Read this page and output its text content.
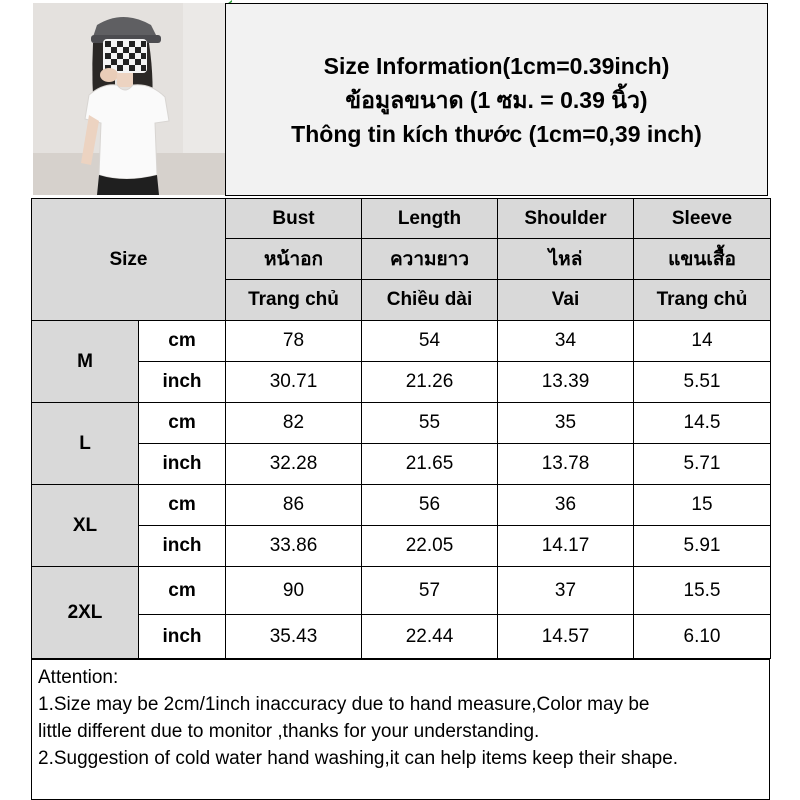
Size Information(1cm=0.39inch)
ข้อมูลขนาด (1 ซม. = 0.39 นิ้ว)
Thông tin kích thước (1cm=0,39 inch)
Size		Bust	Length	Shoulder	Sleeve
		หน้าอก	ความยาว	ไหล่	แขนเสื้อ
		Trang chủ	Chiều dài	Vai	Trang chủ
M	cm	78	54	34	14
	inch	30.71	21.26	13.39	5.51
L	cm	82	55	35	14.5
	inch	32.28	21.65	13.78	5.71
XL	cm	86	56	36	15
	inch	33.86	22.05	14.17	5.91
2XL	cm	90	57	37	15.5
	inch	35.43	22.44	14.57	6.10
Attention:
1.Size may be 2cm/1inch inaccuracy due to hand measure,Color may be
little different due to monitor ,thanks for your understanding.
2.Suggestion of cold water hand washing,it can help items keep their shape.
